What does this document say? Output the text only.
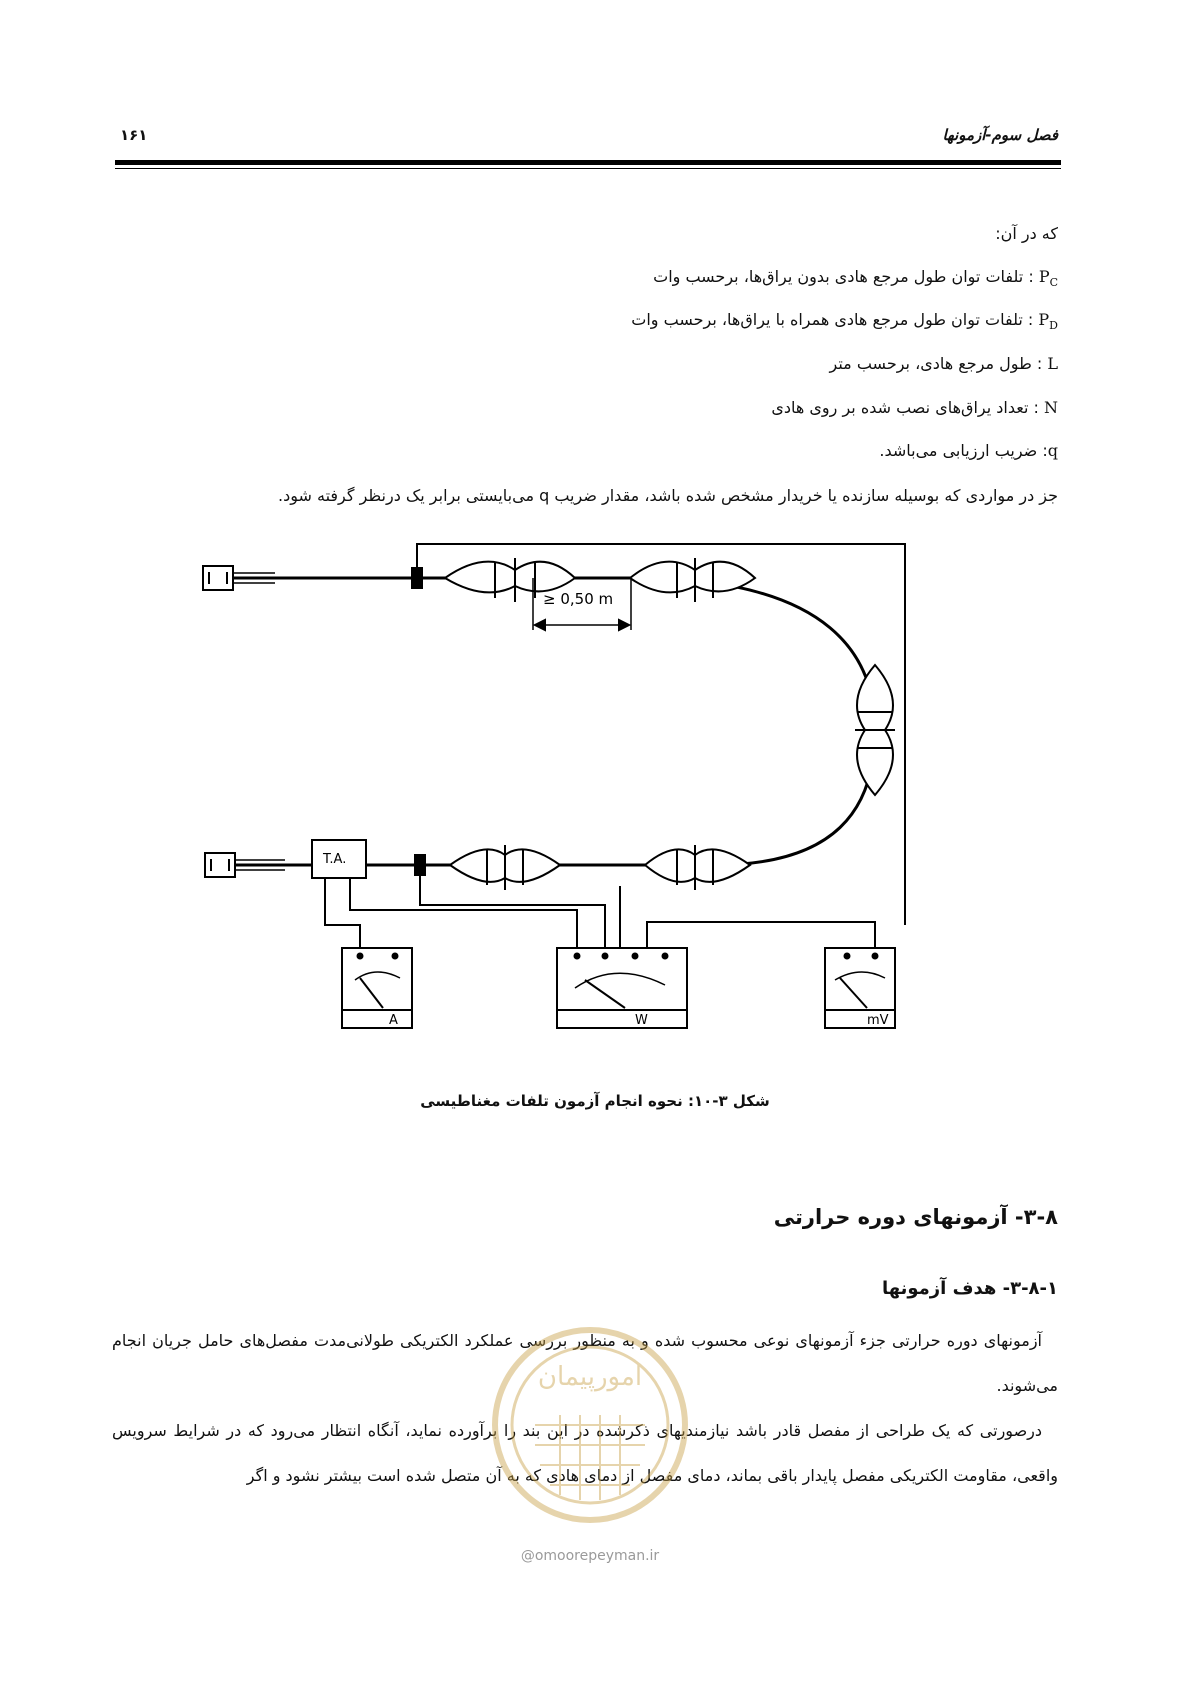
فصل سوم-آزمونها
۱۶۱
که در آن:
$P_C$ : تلفات توان طول مرجع هادی بدون یراق‌ها، برحسب وات
$P_D$ : تلفات توان طول مرجع هادی همراه با یراق‌ها، برحسب وات
L : طول مرجع هادی، برحسب متر
N : تعداد یراق‌های نصب شده بر روی هادی
q: ضریب ارزیابی می‌باشد.
جز در مواردی که بوسیله سازنده یا خریدار مشخص شده باشد، مقدار ضریب q می‌بایستی برابر یک درنظر گرفته شود.
≥ 0,50 m
T.A.
A	W	mV
شکل ۳-۱۰: نحوه انجام آزمون تلفات مغناطیسی
۳-۸- آزمونهای دوره حرارتی
۳-۸-۱- هدف آزمونها
آزمونهای دوره حرارتی جزء آزمونهای نوعی محسوب شده و به منظور بررسی عملکرد الکتریکی طولانی‌مدت مفصل‌های حامل جریان انجام می‌شوند.
درصورتی که یک طراحی از مفصل قادر باشد نیازمندیهای ذکرشده در این بند را برآورده نماید، آنگاه انتظار می‌رود که در شرایط سرویس واقعی، مقاومت الکتریکی مفصل پایدار باقی بماند، دمای مفصل از دمای هادی که به آن متصل شده است بیشتر نشود و اگر
امورپیمان
@omoorepeyman.ir
